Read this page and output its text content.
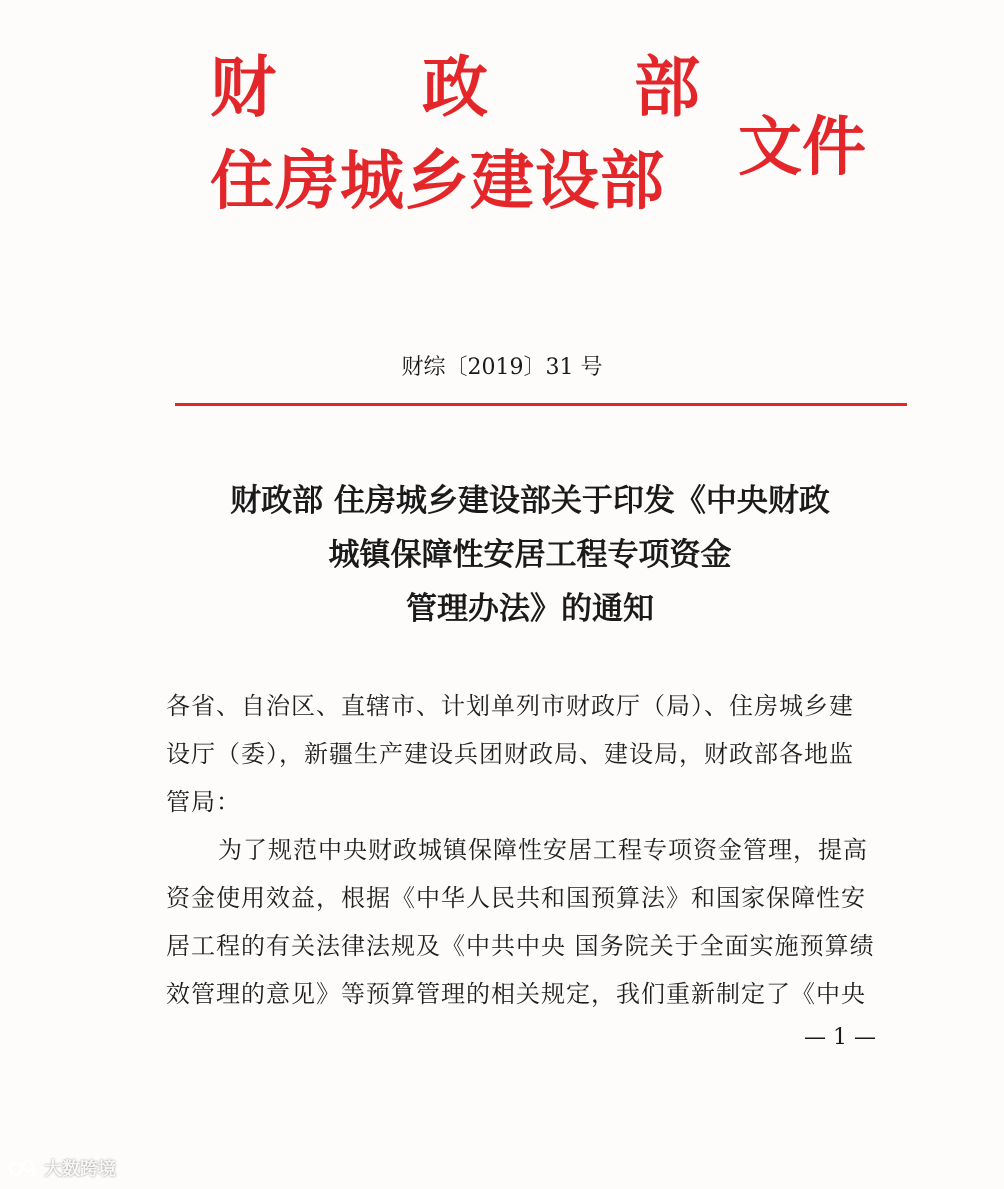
财 政 部
住房城乡建设部 文件
财综〔2019〕31 号
财政部 住房城乡建设部关于印发《中央财政
城镇保障性安居工程专项资金
管理办法》的通知
各省、自治区、直辖市、计划单列市财政厅（局）、住房城乡建
设厅（委），新疆生产建设兵团财政局、建设局，财政部各地监
管局：
为了规范中央财政城镇保障性安居工程专项资金管理，提高
资金使用效益，根据《中华人民共和国预算法》和国家保障性安
居工程的有关法律法规及《中共中央 国务院关于全面实施预算绩
效管理的意见》等预算管理的相关规定，我们重新制定了《中央
— 1 —
大数跨境
